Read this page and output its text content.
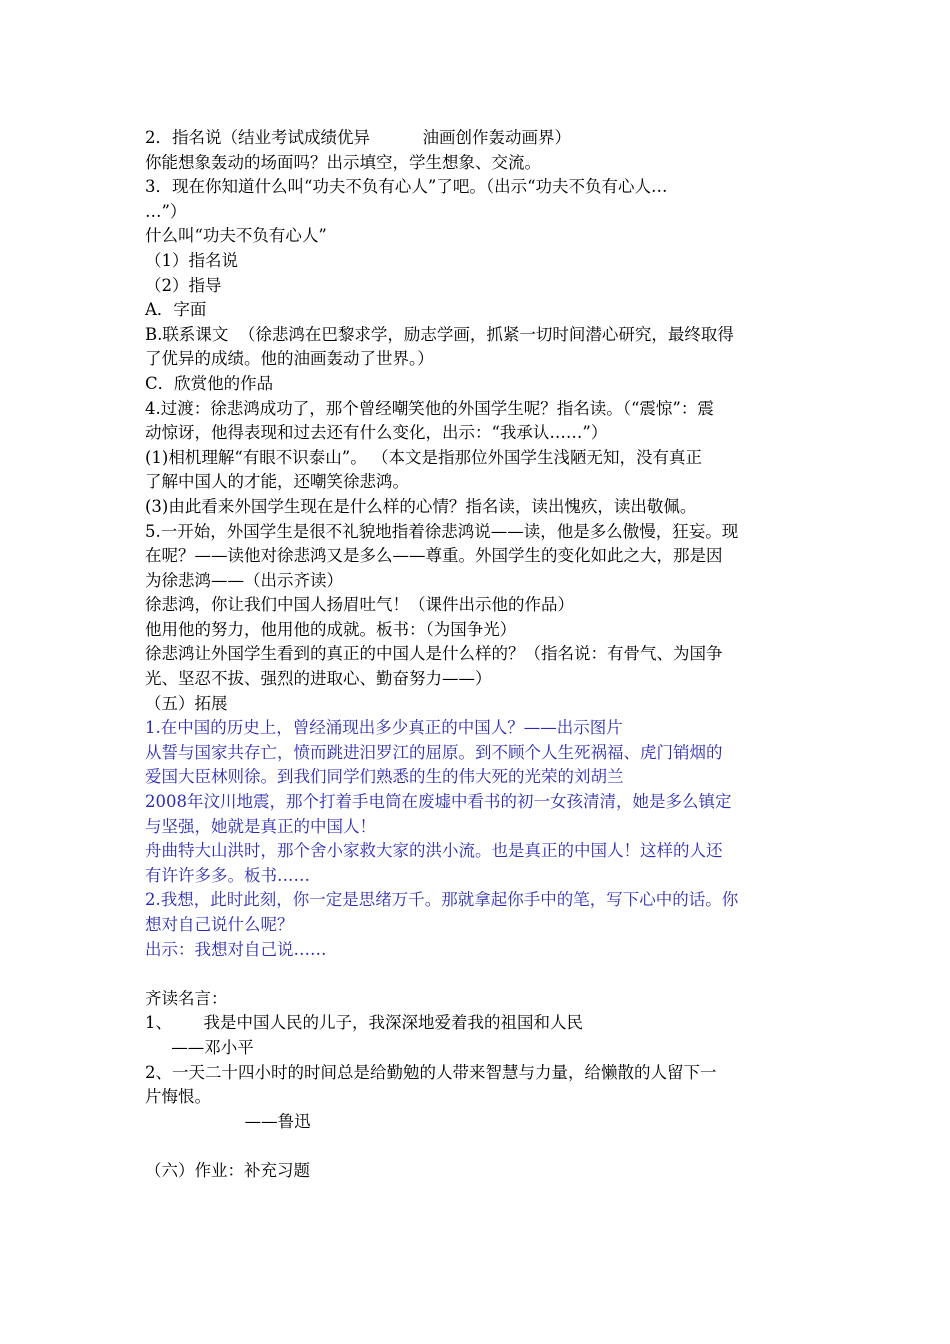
2．指名说（结业考试成绩优异          油画创作轰动画界）
你能想象轰动的场面吗？出示填空，学生想象、交流。
3．现在你知道什么叫“功夫不负有心人”了吧。（出示“功夫不负有心人…
…”）
什么叫“功夫不负有心人”
（1）指名说
（2）指导
A．字面
B.联系课文  （徐悲鸿在巴黎求学，励志学画，抓紧一切时间潜心研究，最终取得
了优异的成绩。他的油画轰动了世界。）
C．欣赏他的作品
4.过渡：徐悲鸿成功了，那个曾经嘲笑他的外国学生呢？指名读。（“震惊”：震
动惊讶，他得表现和过去还有什么变化，出示：“我承认……”）
(1)相机理解“有眼不识泰山”。 （本文是指那位外国学生浅陋无知，没有真正
了解中国人的才能，还嘲笑徐悲鸿。
(3)由此看来外国学生现在是什么样的心情？指名读，读出愧疚，读出敬佩。
5.一开始，外国学生是很不礼貌地指着徐悲鸿说——读，他是多么傲慢，狂妄。现
在呢？——读他对徐悲鸿又是多么——尊重。外国学生的变化如此之大，那是因
为徐悲鸿——（出示齐读）
徐悲鸿，你让我们中国人扬眉吐气！（课件出示他的作品）
他用他的努力，他用他的成就。板书：（为国争光）
徐悲鸿让外国学生看到的真正的中国人是什么样的？（指名说：有骨气、为国争
光、坚忍不拔、强烈的进取心、勤奋努力——）
（五）拓展
1.在中国的历史上，曾经涌现出多少真正的中国人？——出示图片
从誓与国家共存亡，愤而跳进汨罗江的屈原。到不顾个人生死祸福、虎门销烟的
爱国大臣林则徐。到我们同学们熟悉的生的伟大死的光荣的刘胡兰
2008年汶川地震，那个打着手电筒在废墟中看书的初一女孩清清，她是多么镇定
与坚强，她就是真正的中国人！
舟曲特大山洪时，那个舍小家救大家的洪小流。也是真正的中国人！这样的人还
有许许多多。板书……
2.我想，此时此刻，你一定是思绪万千。那就拿起你手中的笔，写下心中的话。你
想对自己说什么呢？
出示：我想对自己说……
齐读名言：
1、      我是中国人民的儿子，我深深地爱着我的祖国和人民
——邓小平
2、一天二十四小时的时间总是给勤勉的人带来智慧与力量，给懒散的人留下一
片悔恨。
——鲁迅
（六）作业：补充习题
